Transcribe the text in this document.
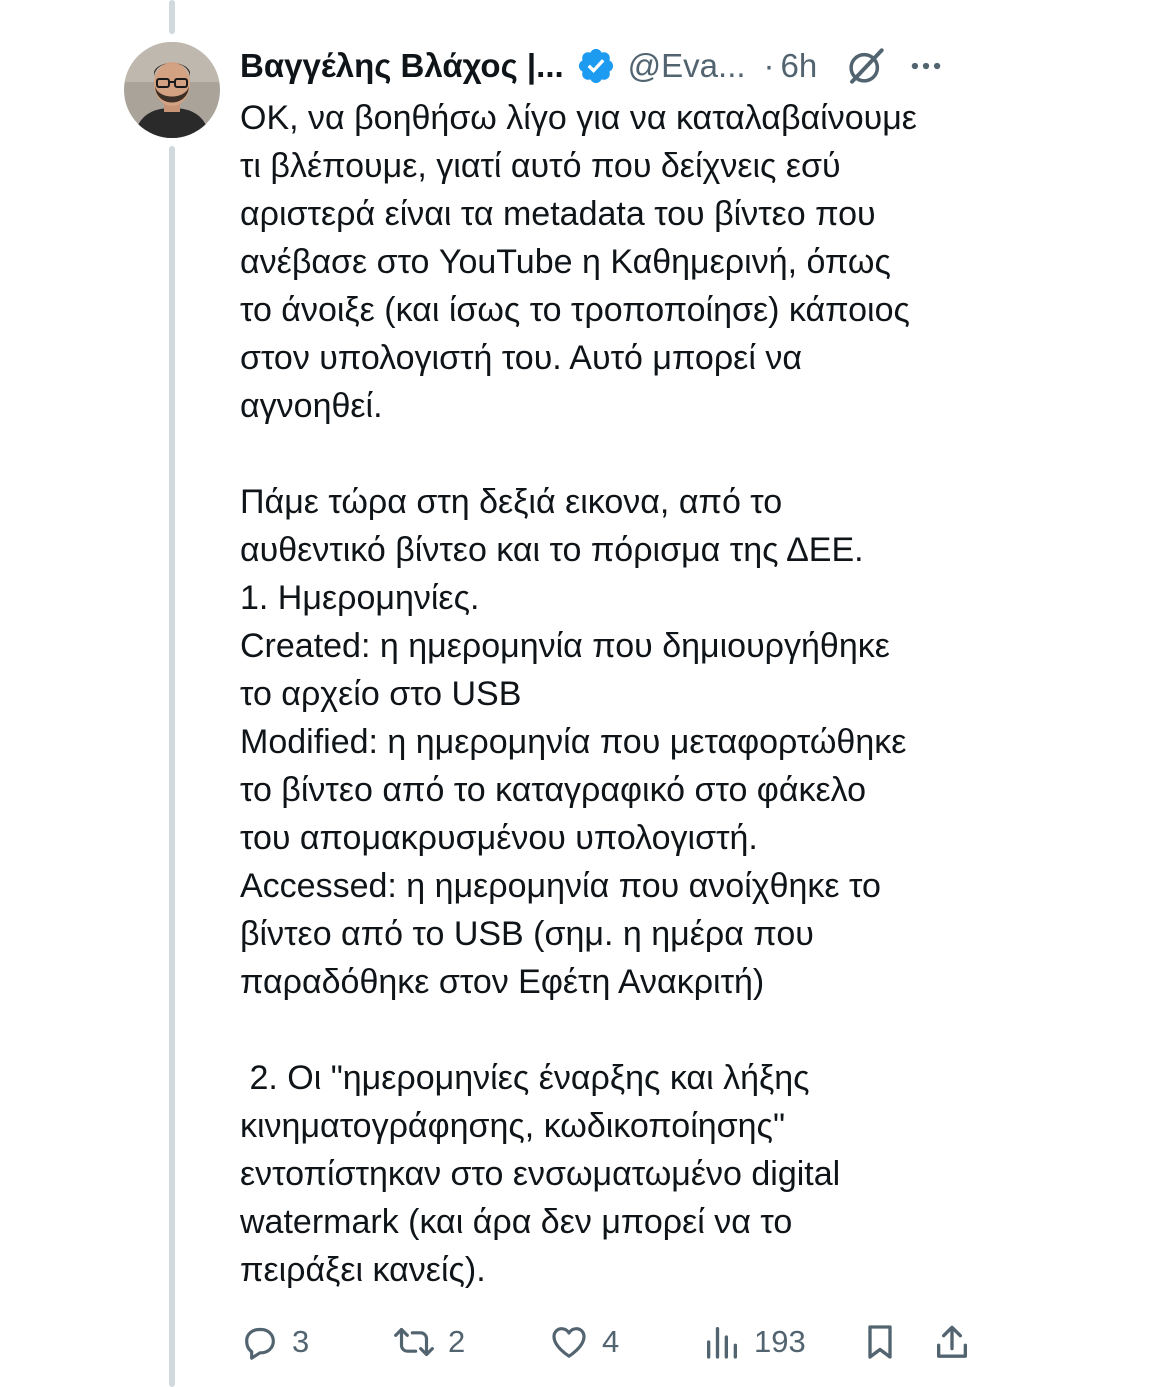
Βαγγέλης Βλάχος |... @Eva... · 6h

OK, να βοηθήσω λίγο για να καταλαβαίνουμε
τι βλέπουμε, γιατί αυτό που δείχνεις εσύ
αριστερά είναι τα metadata του βίντεο που
ανέβασε στο YouTube η Καθημερινή, όπως
το άνοιξε (και ίσως το τροποποίησε) κάποιος
στον υπολογιστή του. Αυτό μπορεί να
αγνοηθεί.

Πάμε τώρα στη δεξιά εικονα, από το
αυθεντικό βίντεο και το πόρισμα της ΔΕΕ.
1. Ημερομηνίες.
Created: η ημερομηνία που δημιουργήθηκε
το αρχείο στο USB
Modified: η ημερομηνία που μεταφορτώθηκε
το βίντεο από το καταγραφικό στο φάκελο
του απομακρυσμένου υπολογιστή.
Accessed: η ημερομηνία που ανοίχθηκε το
βίντεο από το USB (σημ. η ημέρα που
παραδόθηκε στον Εφέτη Ανακριτή)

2. Οι "ημερομηνίες έναρξης και λήξης
κινηματογράφησης, κωδικοποίησης"
εντοπίστηκαν στο ενσωματωμένο digital
watermark (και άρα δεν μπορεί να το
πειράξει κανείς).

3	2	4	193
